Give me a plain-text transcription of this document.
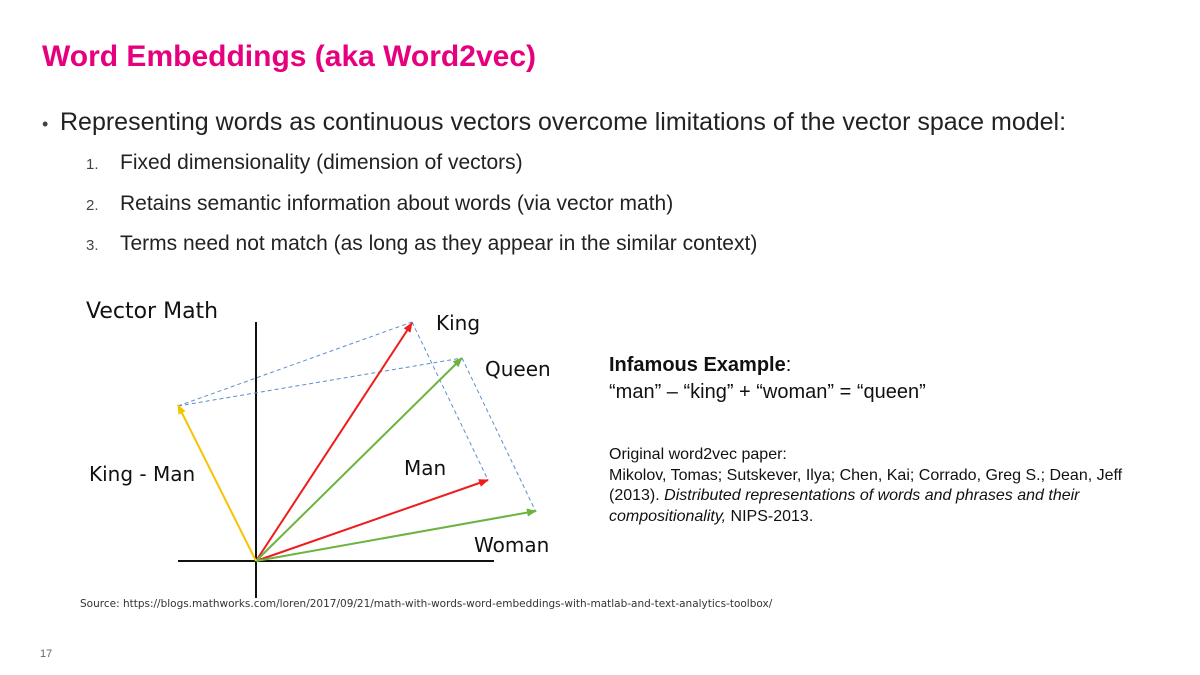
Word Embeddings (aka Word2vec)
• Representing words as continuous vectors overcome limitations of the vector space model:
1.	Fixed dimensionality (dimension of vectors)
2.	Retains semantic information about words (via vector math)
3.	Terms need not match (as long as they appear in the similar context)
Vector Math	King
Queen
Man
Woman
King - Man
Infamous Example:
“man” – “king” + “woman” = “queen”
Original word2vec paper:
Mikolov, Tomas; Sutskever, Ilya; Chen, Kai; Corrado, Greg S.; Dean, Jeff (2013). Distributed representations of words and phrases and their compositionality, NIPS-2013.
Source: https://blogs.mathworks.com/loren/2017/09/21/math-with-words-word-embeddings-with-matlab-and-text-analytics-toolbox/
17
